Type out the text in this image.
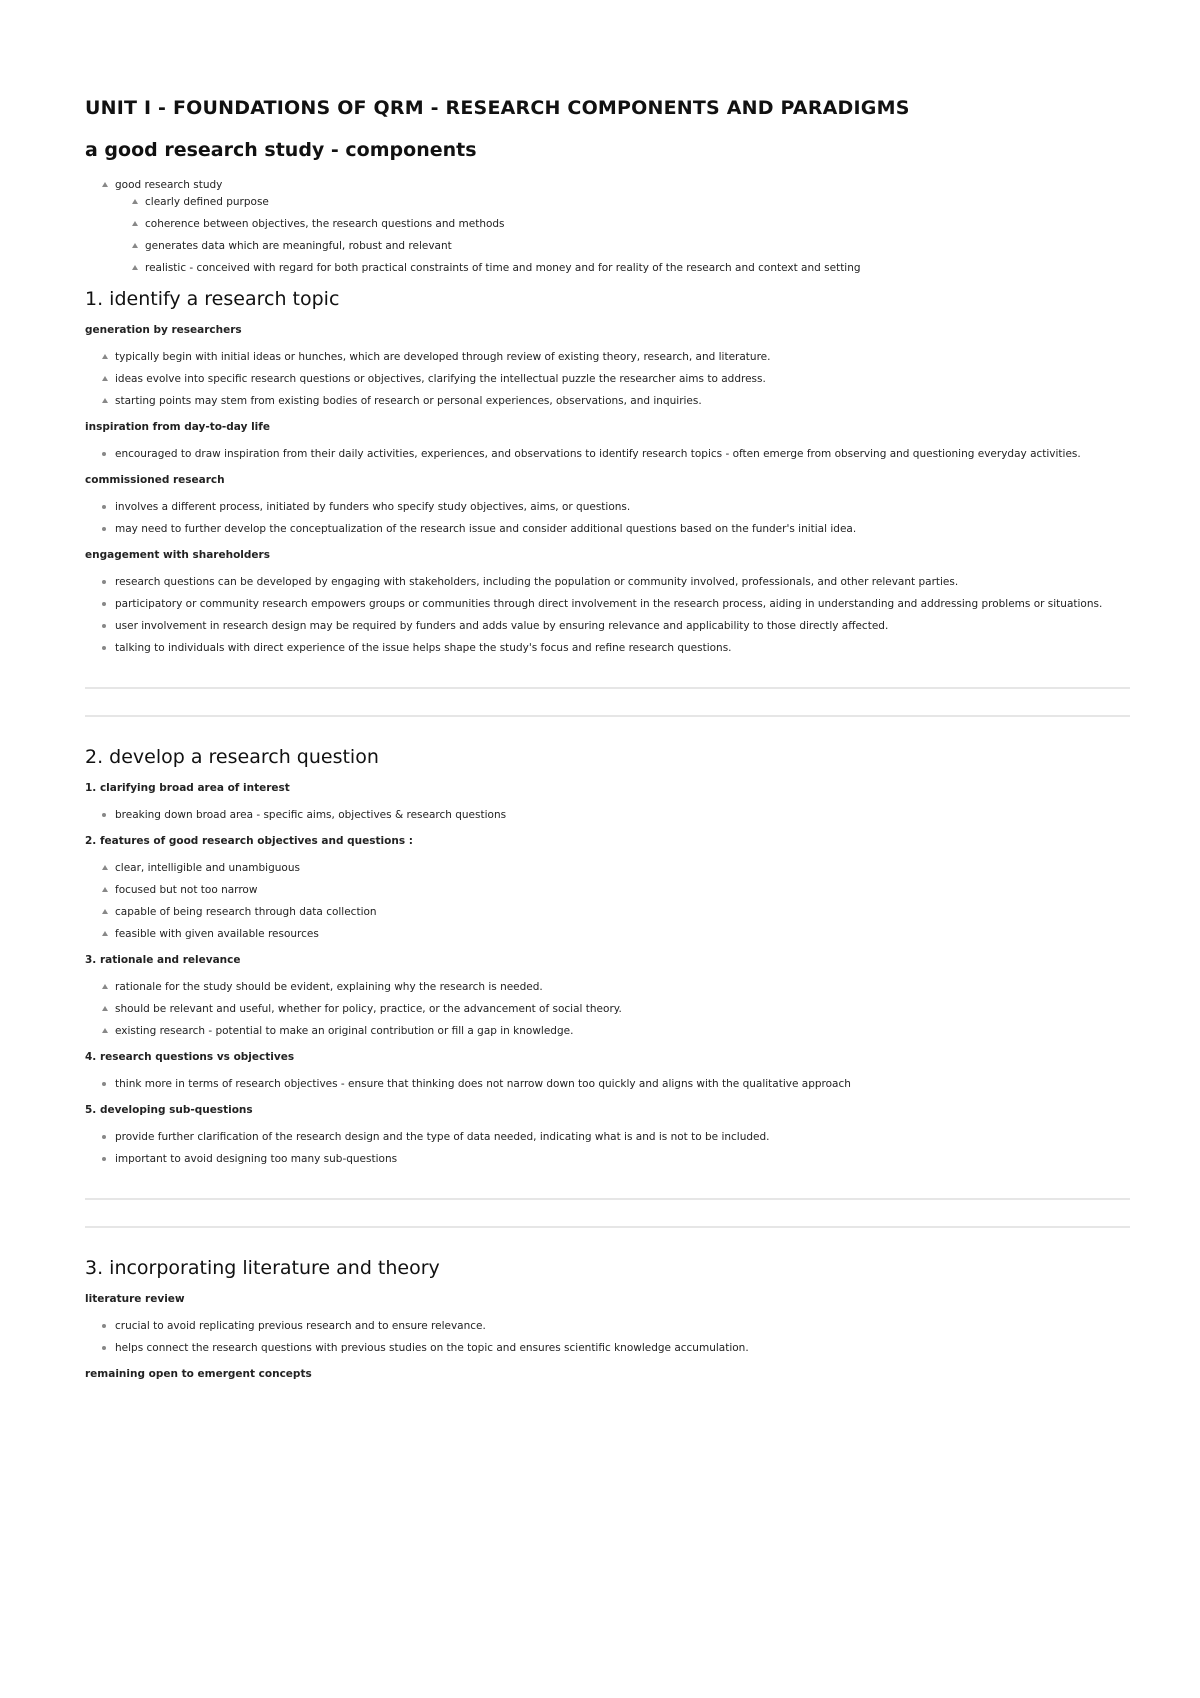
UNIT I - FOUNDATIONS OF QRM - RESEARCH COMPONENTS AND PARADIGMS
a good research study - components
good research study
clearly defined purpose
coherence between objectives, the research questions and methods
generates data which are meaningful, robust and relevant
realistic - conceived with regard for both practical constraints of time and money and for reality of the research and context and setting
1. identify a research topic
generation by researchers
typically begin with initial ideas or hunches, which are developed through review of existing theory, research, and literature.
ideas evolve into specific research questions or objectives, clarifying the intellectual puzzle the researcher aims to address.
starting points may stem from existing bodies of research or personal experiences, observations, and inquiries.
inspiration from day-to-day life
encouraged to draw inspiration from their daily activities, experiences, and observations to identify research topics - often emerge from observing and questioning everyday activities.
commissioned research
involves a different process, initiated by funders who specify study objectives, aims, or questions.
may need to further develop the conceptualization of the research issue and consider additional questions based on the funder's initial idea.
engagement with shareholders
research questions can be developed by engaging with stakeholders, including the population or community involved, professionals, and other relevant parties.
participatory or community research empowers groups or communities through direct involvement in the research process, aiding in understanding and addressing problems or situations.
user involvement in research design may be required by funders and adds value by ensuring relevance and applicability to those directly affected.
talking to individuals with direct experience of the issue helps shape the study's focus and refine research questions.
2. develop a research question
1. clarifying broad area of interest
breaking down broad area - specific aims, objectives & research questions
2. features of good research objectives and questions :
clear, intelligible and unambiguous
focused but not too narrow
capable of being research through data collection
feasible with given available resources
3. rationale and relevance
rationale for the study should be evident, explaining why the research is needed.
should be relevant and useful, whether for policy, practice, or the advancement of social theory.
existing research - potential to make an original contribution or fill a gap in knowledge.
4. research questions vs objectives
think more in terms of research objectives - ensure that thinking does not narrow down too quickly and aligns with the qualitative approach
5. developing sub-questions
provide further clarification of the research design and the type of data needed, indicating what is and is not to be included.
important to avoid designing too many sub-questions
3. incorporating literature and theory
literature review
crucial to avoid replicating previous research and to ensure relevance.
helps connect the research questions with previous studies on the topic and ensures scientific knowledge accumulation.
remaining open to emergent concepts
